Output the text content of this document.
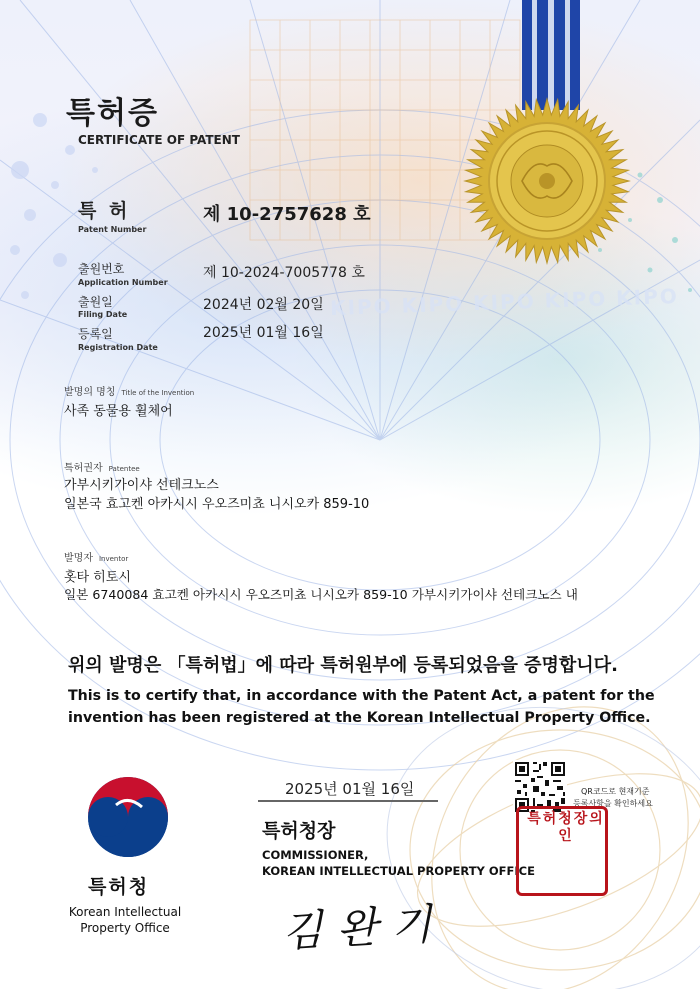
KIPO KIPO KIPO KIPO KIPO
특허증
CERTIFICATE OF PATENT
특 허
Patent Number
제 10-2757628 호
출원번호
Application Number
제 10-2024-7005778 호
출원일
Filing Date
2024년 02월 20일
등록일
Registration Date
2025년 01월 16일
발명의 명칭 Title of the Invention
사족 동물용 휠체어
특허권자 Patentee
가부시키가이샤 선테크노스
일본국 효고켄 아카시시 우오즈미쵸 니시오카 859-10
발명자 Inventor
홋타 히토시
일본 6740084 효고켄 아카시시 우오즈미쵸 니시오카 859-10 가부시키가이샤 선테크노스 내
위의 발명은 「특허법」에 따라 특허원부에 등록되었음을 증명합니다.
This is to certify that, in accordance with the Patent Act, a patent for the
invention has been registered at the Korean Intellectual Property Office.
특허청
Korean Intellectual
Property Office
2025년 01월 16일	QR코드로 현재기준
등록사항을 확인하세요
특허청장
COMMISSIONER,
KOREAN INTELLECTUAL PROPERTY OFFICE
특허청장의인
김완기
